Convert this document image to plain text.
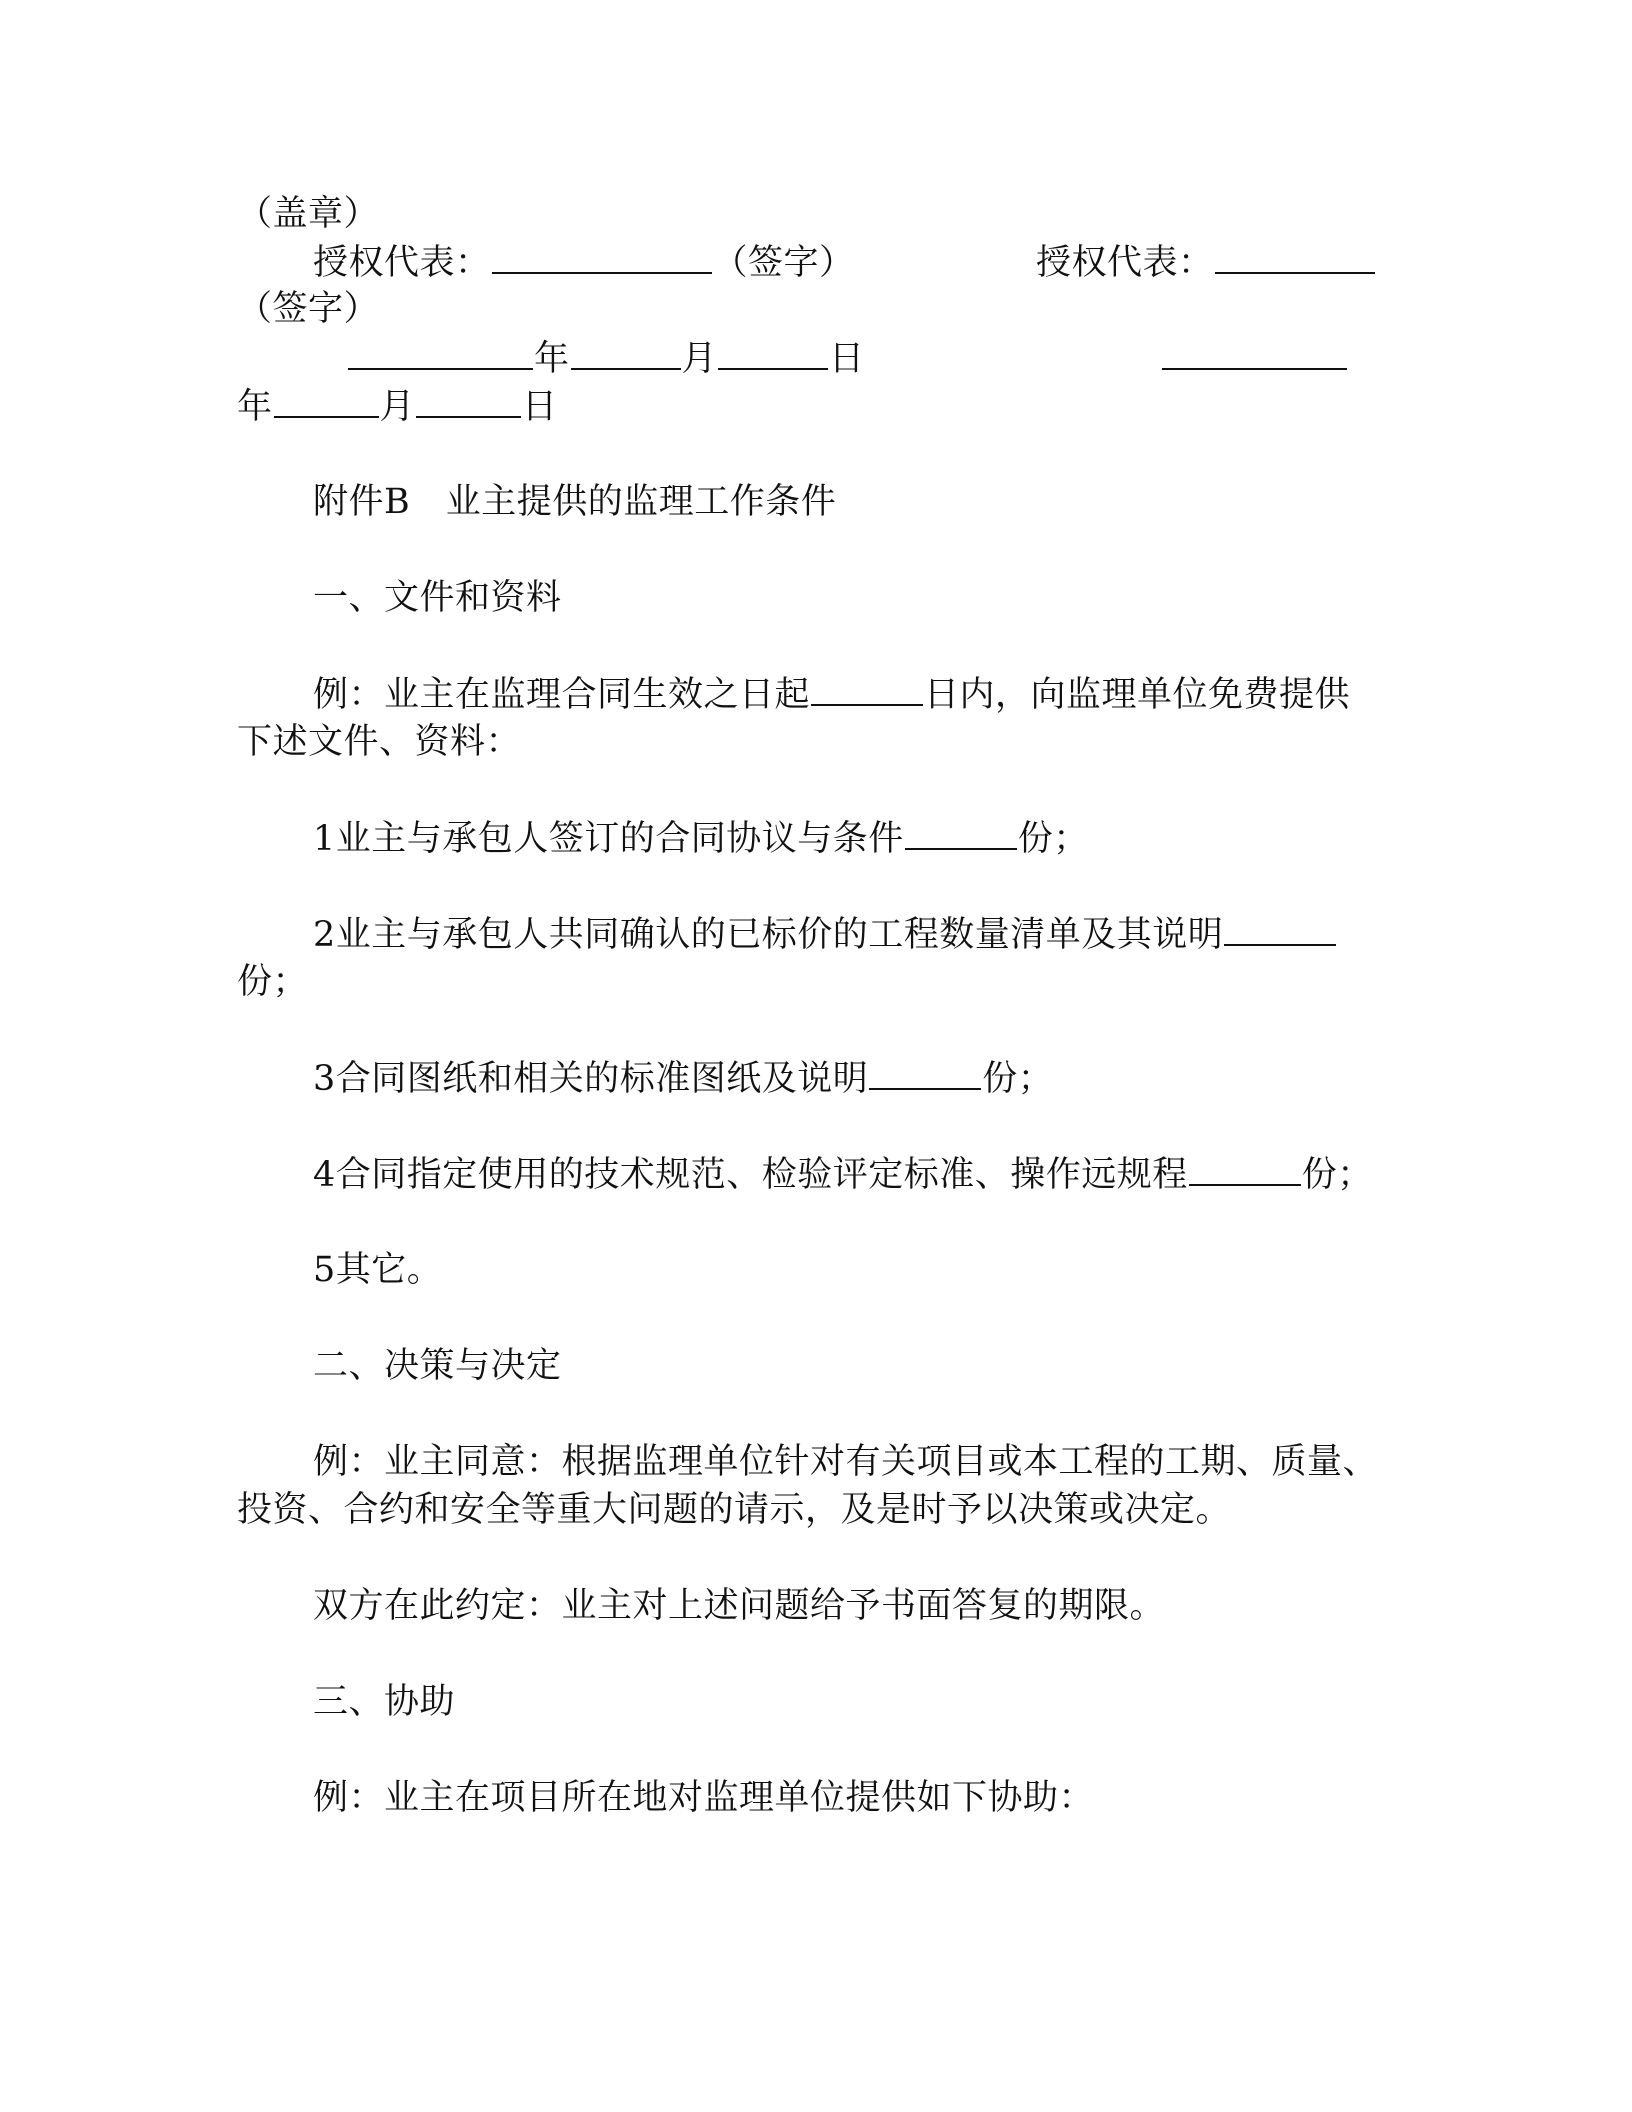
（盖章）
授权代表：	（签字）	授权代表：
（签字）
年	月	日
年	月	日
附件B　业主提供的监理工作条件
一、文件和资料
例：业主在监理合同生效之日起	日内，向监理单位免费提供
下述文件、资料：
1业主与承包人签订的合同协议与条件	份；
2业主与承包人共同确认的已标价的工程数量清单及其说明
份；
3合同图纸和相关的标准图纸及说明	份；
4合同指定使用的技术规范、检验评定标准、操作远规程	份；
5其它。
二、决策与决定
例：业主同意：根据监理单位针对有关项目或本工程的工期、质量、
投资、合约和安全等重大问题的请示，及是时予以决策或决定。
双方在此约定：业主对上述问题给予书面答复的期限。
三、协助
例：业主在项目所在地对监理单位提供如下协助：
